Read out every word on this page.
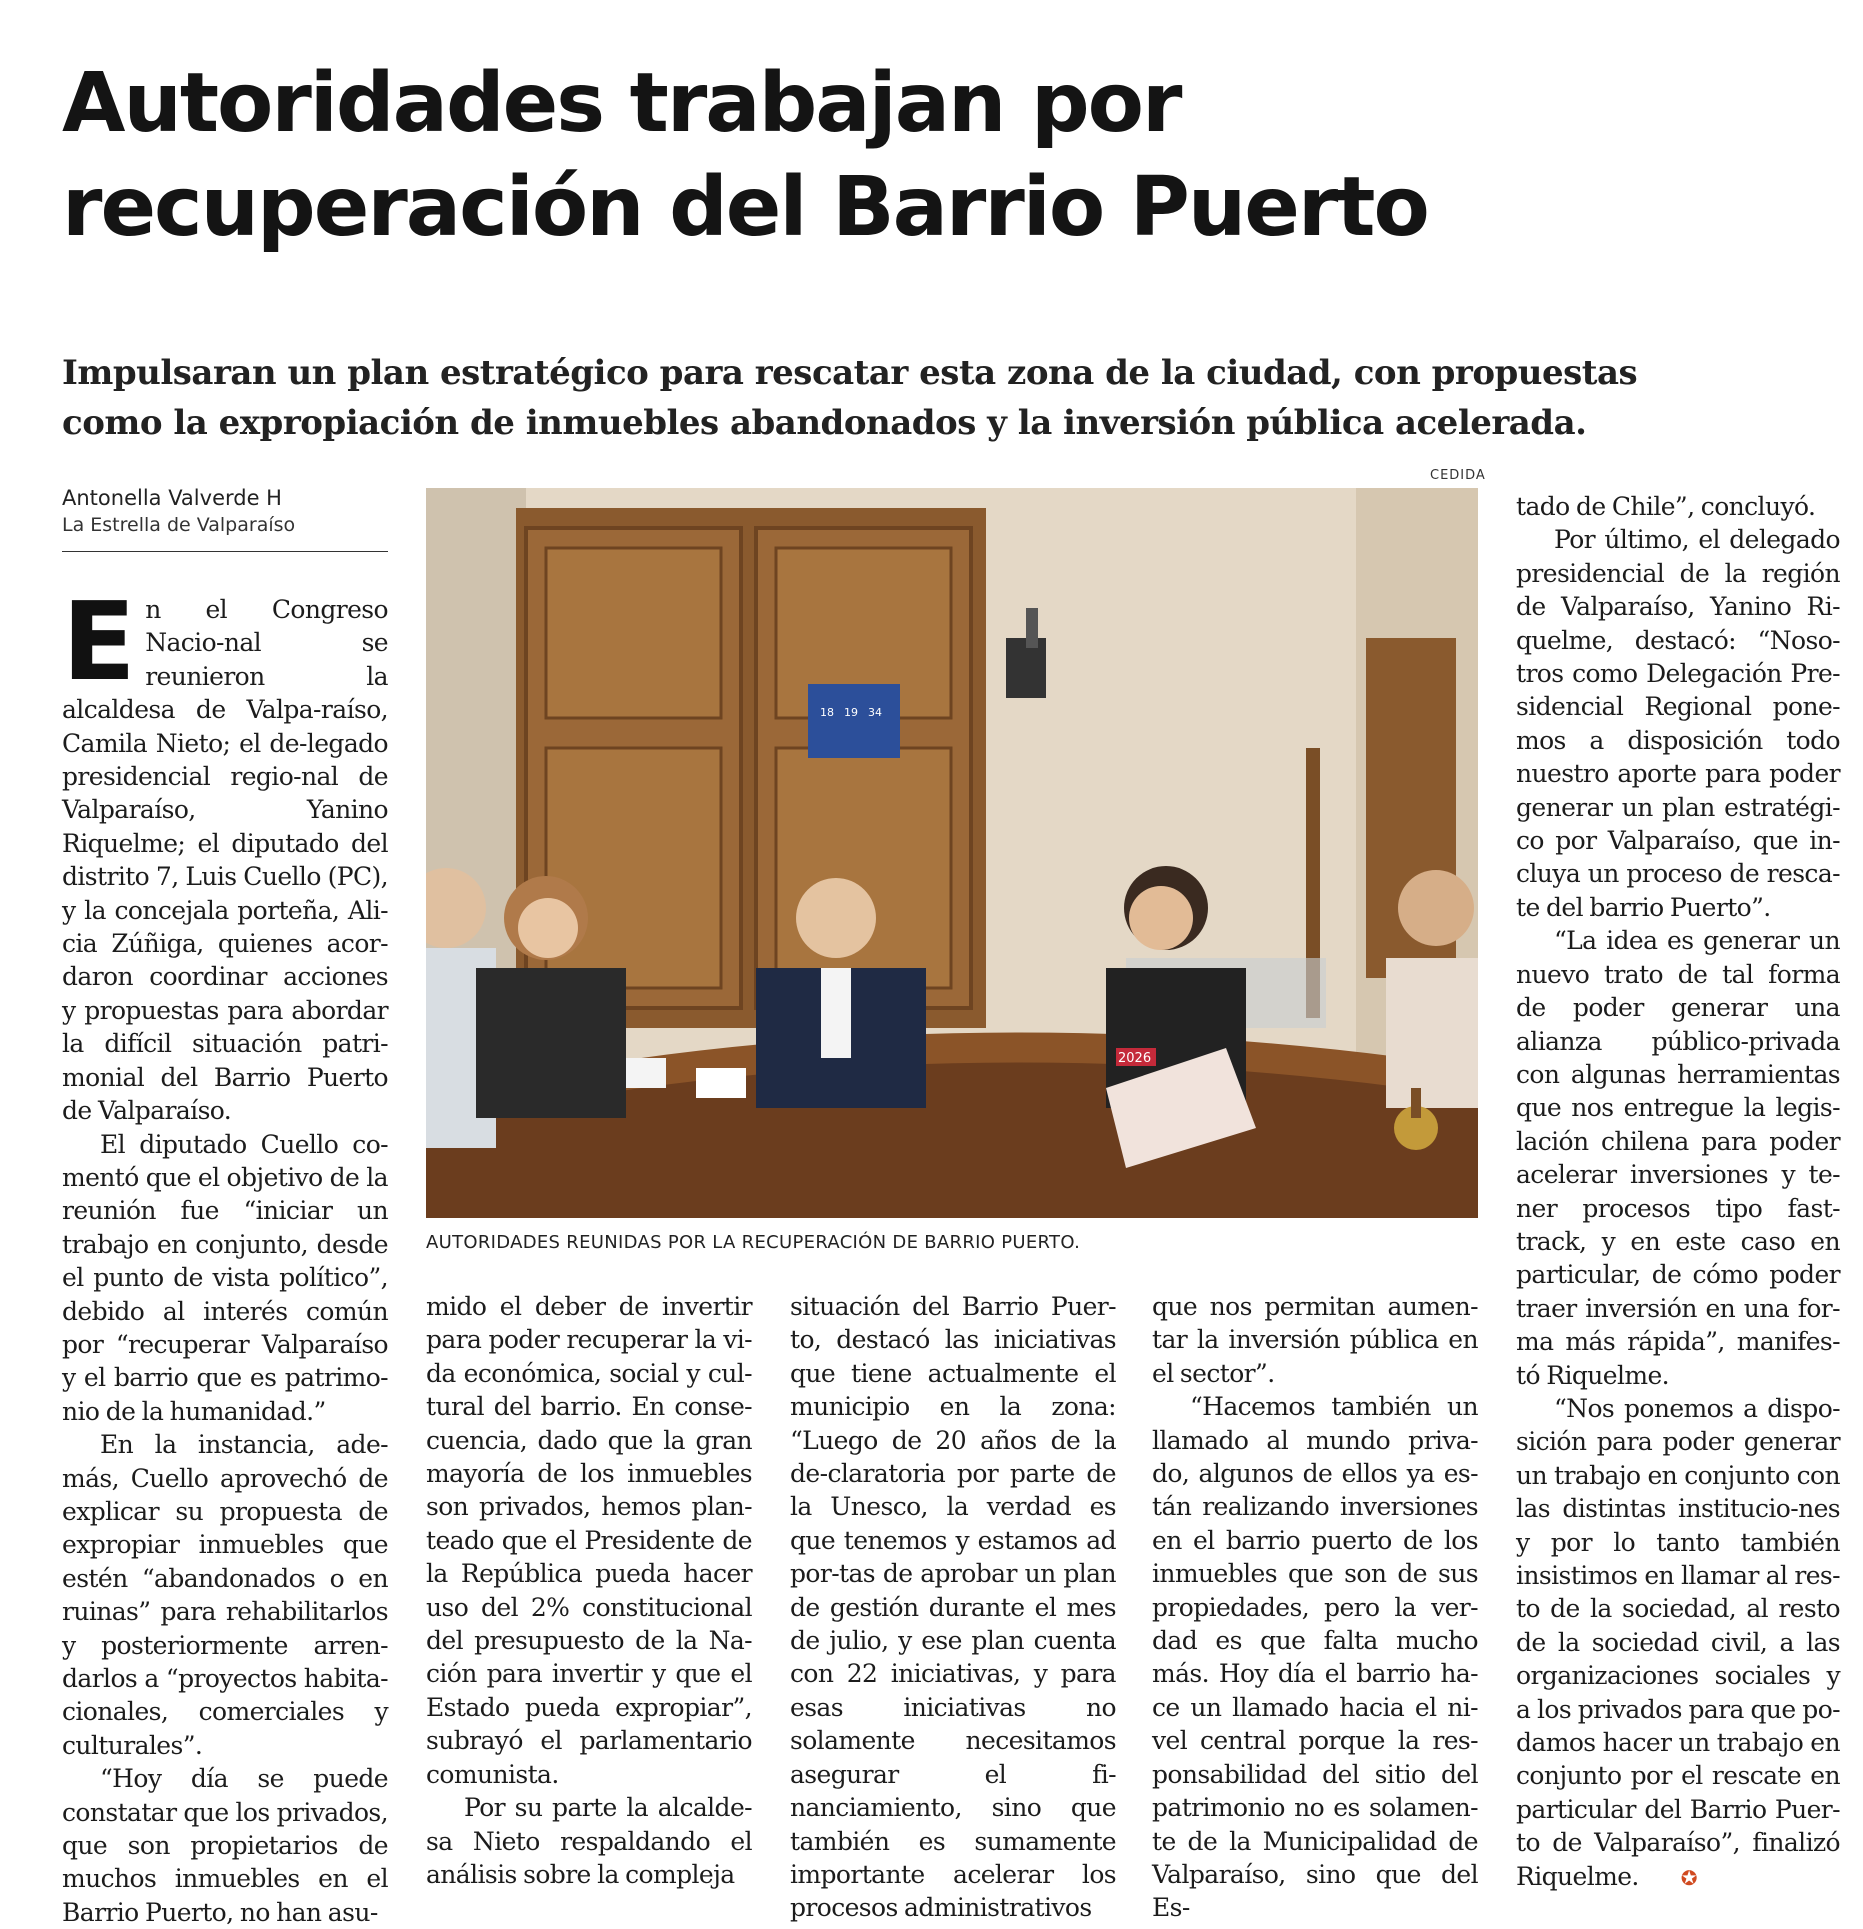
Autoridades trabajan por
recuperación del Barrio Puerto
Impulsaran un plan estratégico para rescatar esta zona de la ciudad, con propuestas
como la expropiación de inmuebles abandonados y la inversión pública acelerada.
Antonella Valverde H
La Estrella de Valparaíso
CEDIDA
18 19 34
2026
AUTORIDADES REUNIDAS POR LA RECUPERACIÓN DE BARRIO PUERTO.
E n el Congreso Nacio-nal se reunieron la alcaldesa de Valpa-raíso, Camila Nieto; el de-legado presidencial regio-nal de Valparaíso, Yanino Riquelme; el diputado del distrito 7, Luis Cuello (PC), y la concejala porteña, Ali-cia Zúñiga, quienes acor-daron coordinar acciones y propuestas para abordar la difícil situación patri-monial del Barrio Puerto de Valparaíso.

El diputado Cuello co-mentó que el objetivo de la reunión fue “iniciar un trabajo en conjunto, desde el punto de vista político”, debido al interés común por “recuperar Valparaíso y el barrio que es patrimo-nio de la humanidad.”

En la instancia, ade-más, Cuello aprovechó de explicar su propuesta de expropiar inmuebles que estén “abandonados o en ruinas” para rehabilitarlos y posteriormente arren-darlos a “proyectos habita-cionales, comerciales y culturales”.

“Hoy día se puede constatar que los privados, que son propietarios de muchos inmuebles en el Barrio Puerto, no han asu-

mido el deber de invertir para poder recuperar la vi-da económica, social y cul-tural del barrio. En conse-cuencia, dado que la gran mayoría de los inmuebles son privados, hemos plan-teado que el Presidente de la República pueda hacer uso del 2% constitucional del presupuesto de la Na-ción para invertir y que el Estado pueda expropiar”, subrayó el parlamentario comunista.

Por su parte la alcalde-sa Nieto respaldando el análisis sobre la compleja

situación del Barrio Puer-to, destacó las iniciativas que tiene actualmente el municipio en la zona: “Luego de 20 años de la de-claratoria por parte de la Unesco, la verdad es que tenemos y estamos ad por-tas de aprobar un plan de gestión durante el mes de julio, y ese plan cuenta con 22 iniciativas, y para esas iniciativas no solamente necesitamos asegurar el fi-nanciamiento, sino que también es sumamente importante acelerar los procesos administrativos

que nos permitan aumen-tar la inversión pública en el sector”.

“Hacemos también un llamado al mundo priva-do, algunos de ellos ya es-tán realizando inversiones en el barrio puerto de los inmuebles que son de sus propiedades, pero la ver-dad es que falta mucho más. Hoy día el barrio ha-ce un llamado hacia el ni-vel central porque la res-ponsabilidad del sitio del patrimonio no es solamen-te de la Municipalidad de Valparaíso, sino que del Es-

tado de Chile”, concluyó.

Por último, el delegado presidencial de la región de Valparaíso, Yanino Ri-quelme, destacó: “Noso-tros como Delegación Pre-sidencial Regional pone-mos a disposición todo nuestro aporte para poder generar un plan estratégi-co por Valparaíso, que in-cluya un proceso de resca-te del barrio Puerto”.

“La idea es generar un nuevo trato de tal forma de poder generar una alianza público-privada con algunas herramientas que nos entregue la legis-lación chilena para poder acelerar inversiones y te-ner procesos tipo fast-track, y en este caso en particular, de cómo poder traer inversión en una for-ma más rápida”, manifes-tó Riquelme.

“Nos ponemos a dispo-sición para poder generar un trabajo en conjunto con las distintas institucio-nes y por lo tanto también insistimos en llamar al res-to de la sociedad, al resto de la sociedad civil, a las organizaciones sociales y a los privados para que po-damos hacer un trabajo en conjunto por el rescate en particular del Barrio Puer-to de Valparaíso”, finalizó Riquelme. ✪
